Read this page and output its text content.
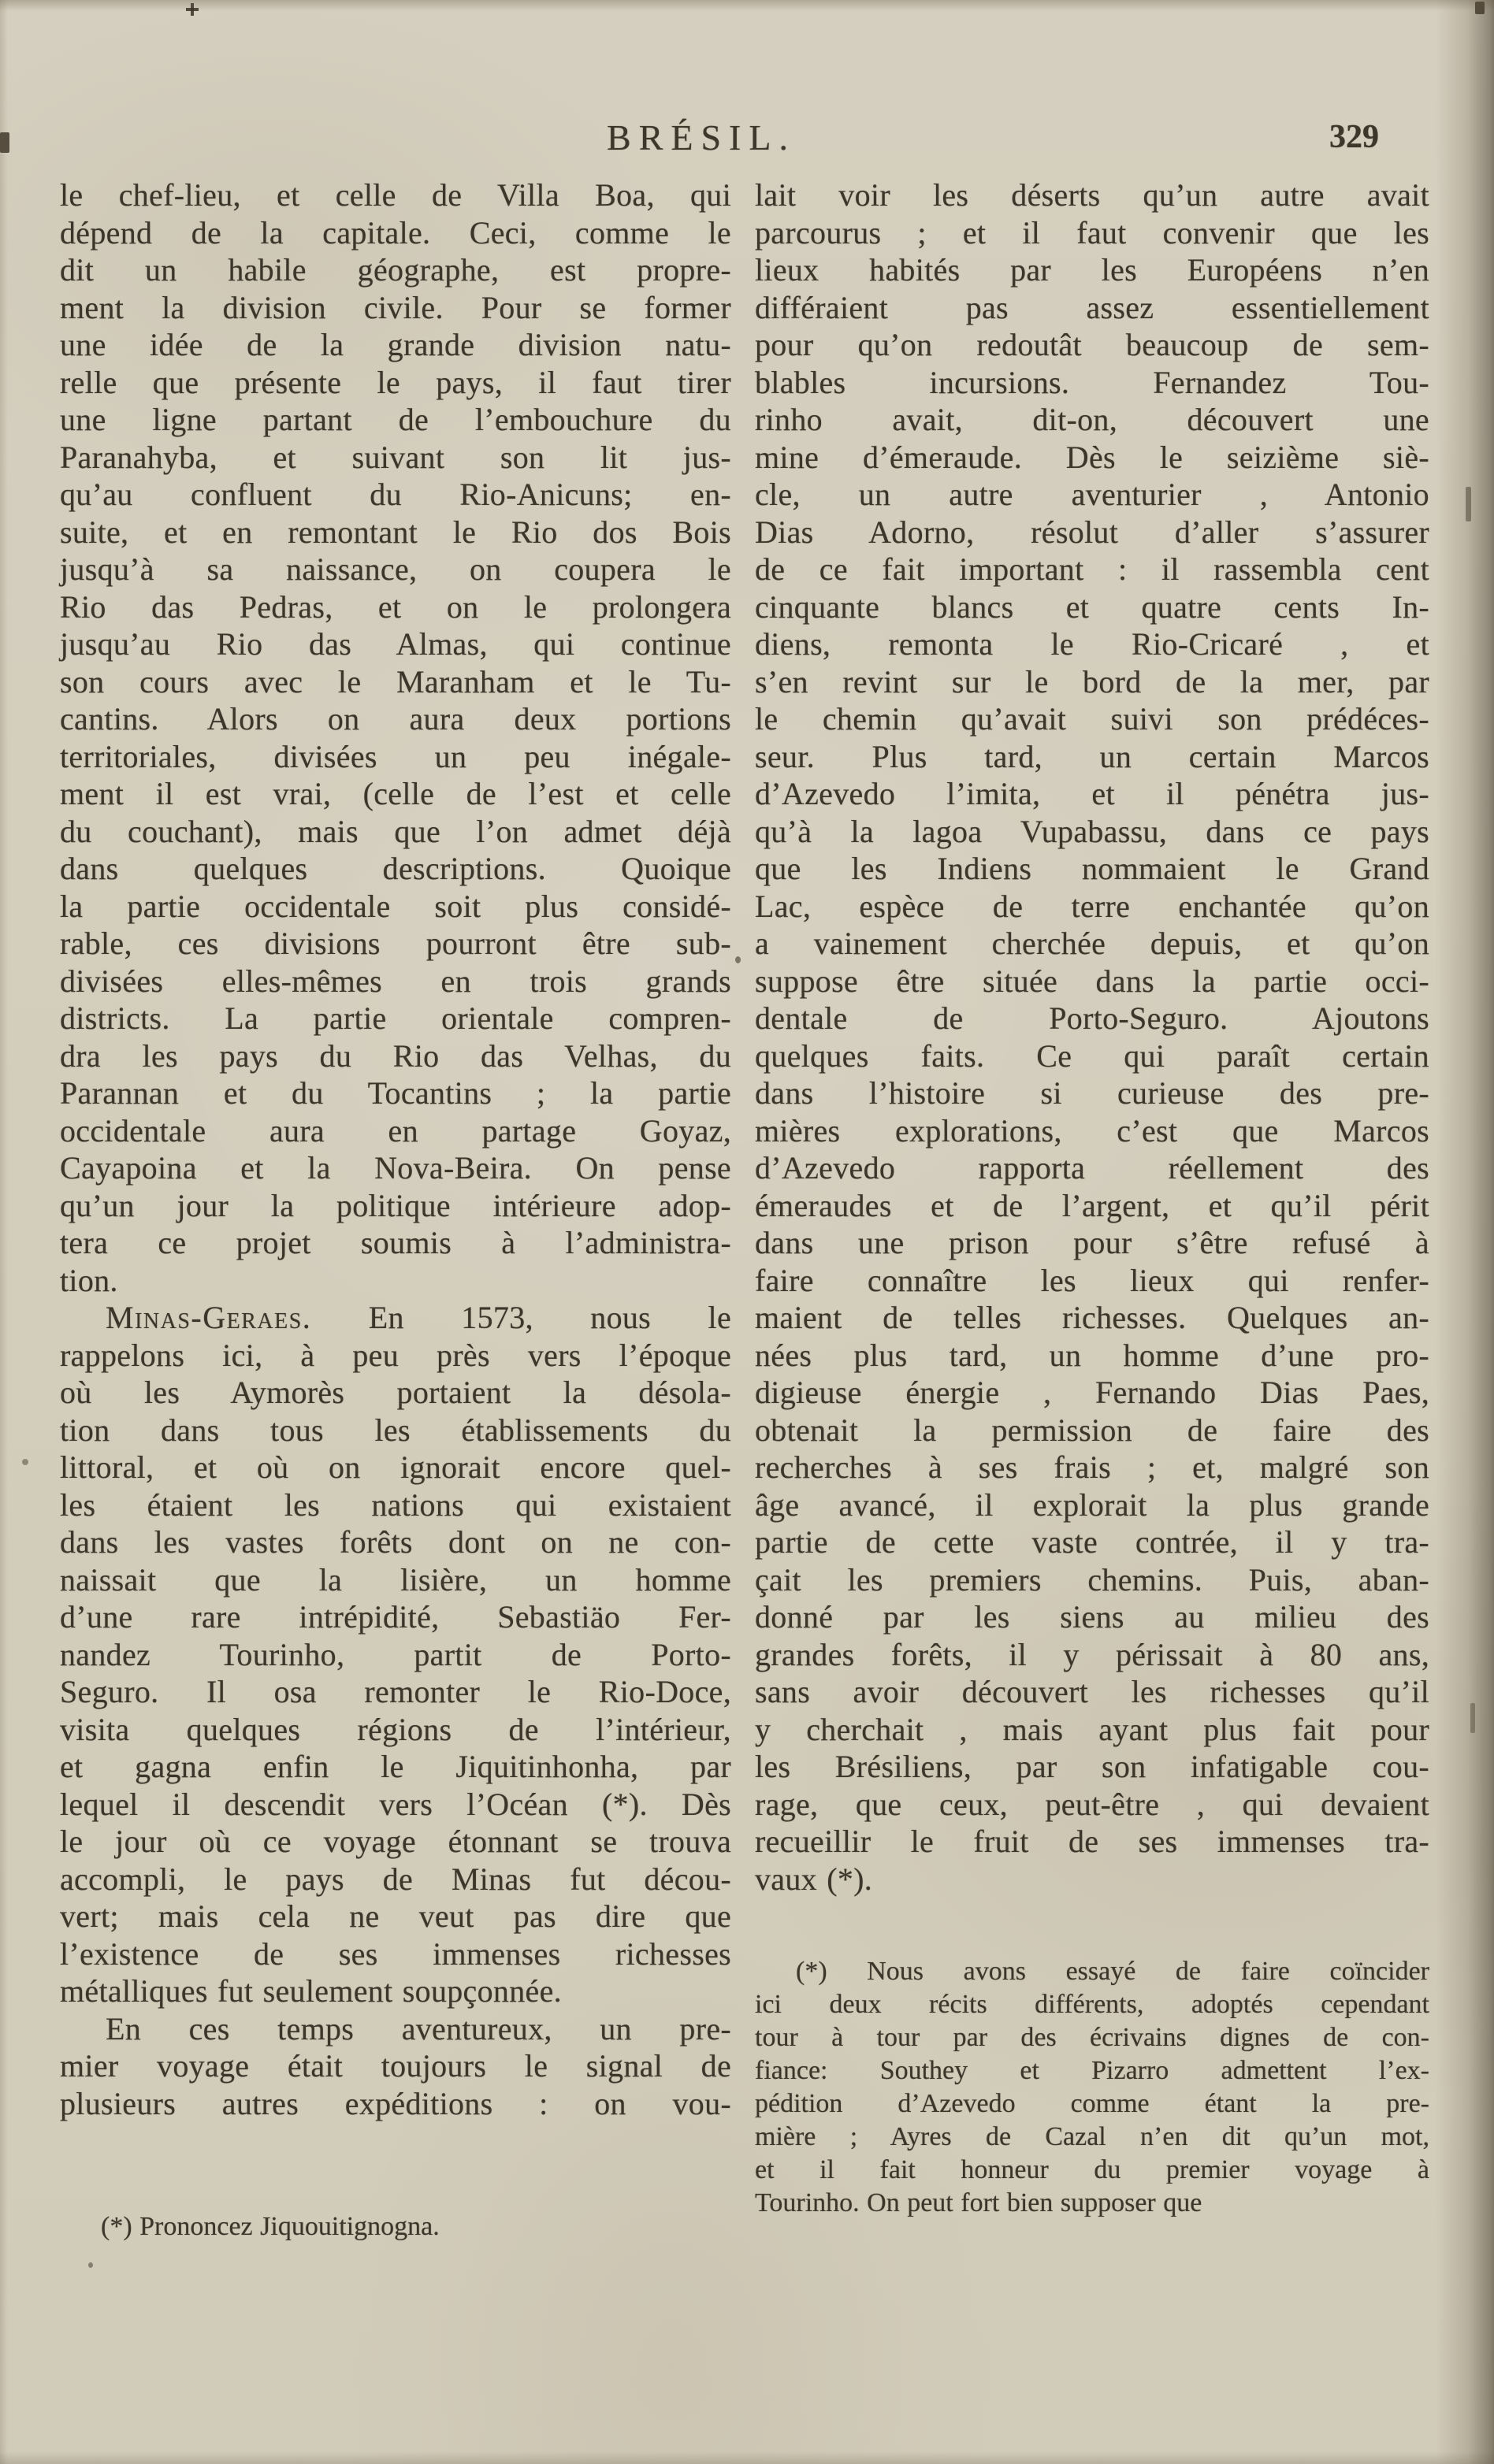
BRÉSIL.	329
le chef-lieu, et celle de Villa Boa, qui
dépend de la capitale. Ceci, comme le
dit un habile géographe, est propre-
ment la division civile. Pour se former
une idée de la grande division natu-
relle que présente le pays, il faut tirer
une ligne partant de l’embouchure du
Paranahyba, et suivant son lit jus-
qu’au confluent du Rio-Anicuns; en-
suite, et en remontant le Rio dos Bois
jusqu’à sa naissance, on coupera le
Rio das Pedras, et on le prolongera
jusqu’au Rio das Almas, qui continue
son cours avec le Maranham et le Tu-
cantins. Alors on aura deux portions
territoriales, divisées un peu inégale-
ment il est vrai, (celle de l’est et celle
du couchant), mais que l’on admet déjà
dans quelques descriptions. Quoique
la partie occidentale soit plus considé-
rable, ces divisions pourront être sub-
divisées elles-mêmes en trois grands
districts. La partie orientale compren-
dra les pays du Rio das Velhas, du
Parannan et du Tocantins ; la partie
occidentale aura en partage Goyaz,
Cayapoina et la Nova-Beira. On pense
qu’un jour la politique intérieure adop-
tera ce projet soumis à l’administra-
tion.
Minas-Geraes. En 1573, nous le
rappelons ici, à peu près vers l’époque
où les Aymorès portaient la désola-
tion dans tous les établissements du
littoral, et où on ignorait encore quel-
les étaient les nations qui existaient
dans les vastes forêts dont on ne con-
naissait que la lisière, un homme
d’une rare intrépidité, Sebastiäo Fer-
nandez Tourinho, partit de Porto-
Seguro. Il osa remonter le Rio-Doce,
visita quelques régions de l’intérieur,
et gagna enfin le Jiquitinhonha, par
lequel il descendit vers l’Océan (*). Dès
le jour où ce voyage étonnant se trouva
accompli, le pays de Minas fut décou-
vert; mais cela ne veut pas dire que
l’existence de ses immenses richesses
métalliques fut seulement soupçonnée.
En ces temps aventureux, un pre-
mier voyage était toujours le signal de
plusieurs autres expéditions : on vou-
lait voir les déserts qu’un autre avait
parcourus ; et il faut convenir que les
lieux habités par les Européens n’en
différaient pas assez essentiellement
pour qu’on redoutât beaucoup de sem-
blables incursions. Fernandez Tou-
rinho avait, dit-on, découvert une
mine d’émeraude. Dès le seizième siè-
cle, un autre aventurier , Antonio
Dias Adorno, résolut d’aller s’assurer
de ce fait important : il rassembla cent
cinquante blancs et quatre cents In-
diens, remonta le Rio-Cricaré , et
s’en revint sur le bord de la mer, par
le chemin qu’avait suivi son prédéces-
seur. Plus tard, un certain Marcos
d’Azevedo l’imita, et il pénétra jus-
qu’à la lagoa Vupabassu, dans ce pays
que les Indiens nommaient le Grand
Lac, espèce de terre enchantée qu’on
a vainement cherchée depuis, et qu’on
suppose être située dans la partie occi-
dentale de Porto-Seguro. Ajoutons
quelques faits. Ce qui paraît certain
dans l’histoire si curieuse des pre-
mières explorations, c’est que Marcos
d’Azevedo rapporta réellement des
émeraudes et de l’argent, et qu’il périt
dans une prison pour s’être refusé à
faire connaître les lieux qui renfer-
maient de telles richesses. Quelques an-
nées plus tard, un homme d’une pro-
digieuse énergie , Fernando Dias Paes,
obtenait la permission de faire des
recherches à ses frais ; et, malgré son
âge avancé, il explorait la plus grande
partie de cette vaste contrée, il y tra-
çait les premiers chemins. Puis, aban-
donné par les siens au milieu des
grandes forêts, il y périssait à 80 ans,
sans avoir découvert les richesses qu’il
y cherchait , mais ayant plus fait pour
les Brésiliens, par son infatigable cou-
rage, que ceux, peut-être , qui devaient
recueillir le fruit de ses immenses tra-
vaux (*).
(*) Prononcez Jiquouitignogna.
(*) Nous avons essayé de faire coïncider
ici deux récits différents, adoptés cependant
tour à tour par des écrivains dignes de con-
fiance: Southey et Pizarro admettent l’ex-
pédition d’Azevedo comme étant la pre-
mière ; Ayres de Cazal n’en dit qu’un mot,
et il fait honneur du premier voyage à
Tourinho. On peut fort bien supposer que
